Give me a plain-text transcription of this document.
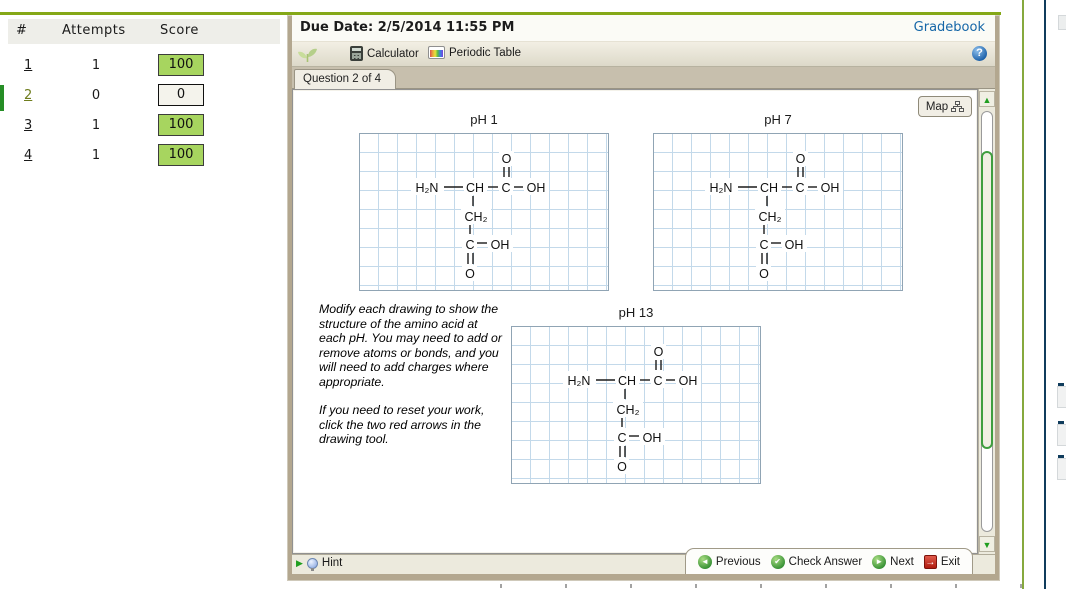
#	Attempts	Score
1	1	100
2	0	0
3	1	100
4	1	100
Due Date: 2/5/2014 11:55 PM	Gradebook
Calculator	Periodic Table	?
Question 2 of 4
Map
pH 1
O
H₂N CH C OH
CH₂
C OH
O
pH 7
O
H₂N CH C OH
CH₂
C OH
O
pH 13
O
H₂N CH C OH
CH₂
C OH
O

Modify each drawing to show the structure of the amino acid at each pH. You may need to add or remove atoms or bonds, and you will need to add charges where appropriate.

If you need to reset your work, click the two red arrows in the drawing tool.

▲
▼
▶ Hint	◄ Previous	✔ Check Answer	► Next → Exit
